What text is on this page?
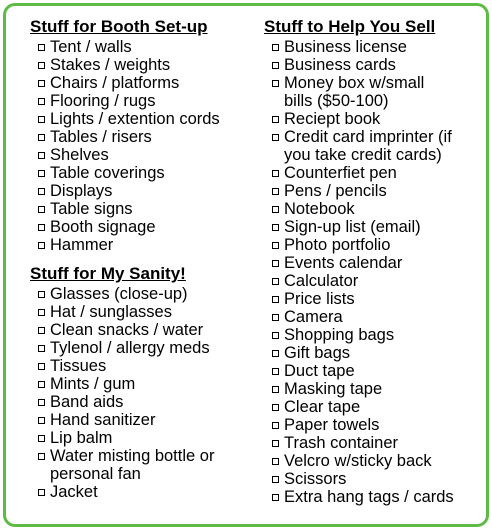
Stuff for Booth Set-up
Tent / walls
Stakes / weights
Chairs / platforms
Flooring / rugs
Lights / extention cords
Tables / risers
Shelves
Table coverings
Displays
Table signs
Booth signage
Hammer
Stuff for My Sanity!
Glasses (close-up)
Hat / sunglasses
Clean snacks / water
Tylenol / allergy meds
Tissues
Mints / gum
Band aids
Hand sanitizer
Lip balm
Water misting bottle or
personal fan
Jacket
Stuff to Help You Sell
Business license
Business cards
Money box w/small
bills ($50-100)
Reciept book
Credit card imprinter (if
you take credit cards)
Counterfiet pen
Pens / pencils
Notebook
Sign-up list (email)
Photo portfolio
Events calendar
Calculator
Price lists
Camera
Shopping bags
Gift bags
Duct tape
Masking tape
Clear tape
Paper towels
Trash container
Velcro w/sticky back
Scissors
Extra hang tags / cards
